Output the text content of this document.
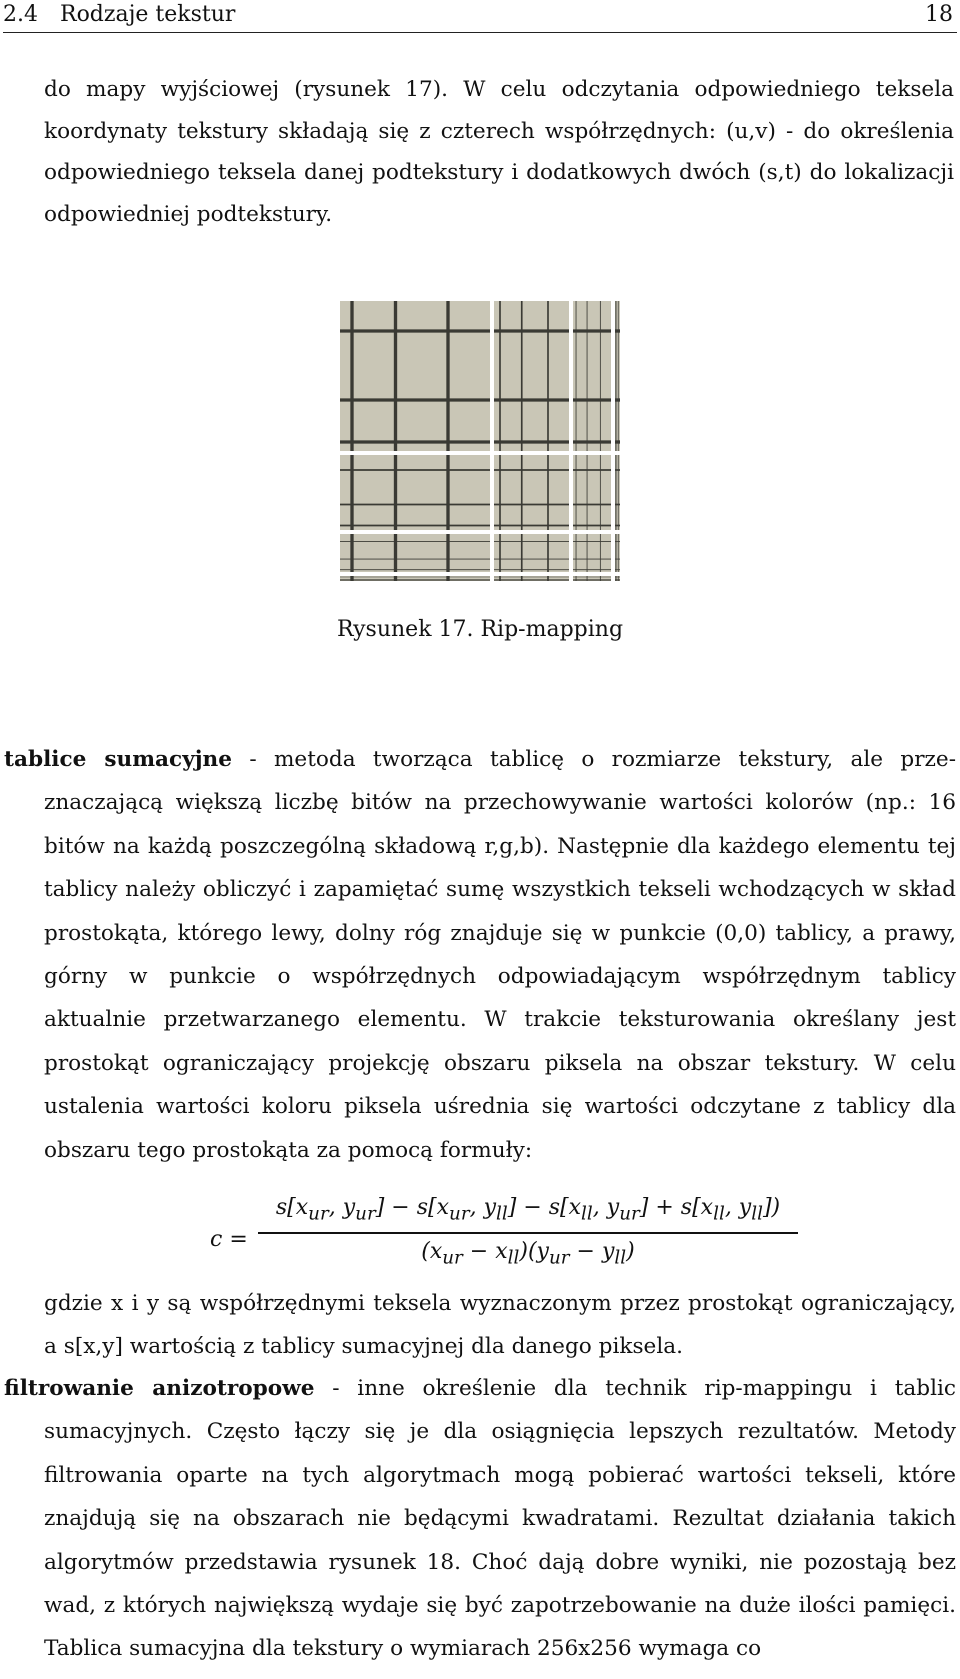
2.4 Rodzaje tekstur	18
do mapy wyjściowej (rysunek 17). W celu odczytania odpowiedniego teksela koordynaty tekstury składają się z czterech współrzędnych: (u,v) - do określenia odpowiedniego teksela danej podtekstury i dodatkowych dwóch (s,t) do lokalizacji odpowiedniej podtekstury.
Rysunek 17. Rip-mapping
tablice sumacyjne - metoda tworząca tablicę o rozmiarze tekstury, ale prze-
znaczającą większą liczbę bitów na przechowywanie wartości kolorów (np.: 16 bitów na każdą poszczególną składową r,g,b). Następnie dla każdego elementu tej tablicy należy obliczyć i zapamiętać sumę wszystkich tekseli wchodzących w skład prostokąta, którego lewy, dolny róg znajduje się w punkcie (0,0) tablicy, a prawy, górny w punkcie o współrzędnych odpowiadającym współrzędnym tablicy aktualnie przetwarzanego elementu. W trakcie teksturowania określany jest prostokąt ograniczający projekcję obszaru piksela na obszar tekstury. W celu ustalenia wartości koloru piksela uśrednia się wartości odczytane z tablicy dla obszaru tego prostokąta za pomocą formuły:
c =
$s[x_{ur}$, $y_{ur}] - s[x_{ur}$, $y_{ll}] - s[x_{ll}$, $y_{ur}] + s[x_{ll}$, $y_{ll}$])
$(x_{ur} - x_{ll})(y_{ur} - y_{ll})$
gdzie x i y są współrzędnymi teksela wyznaczonym przez prostokąt ograniczający, a s[x,y] wartością z tablicy sumacyjnej dla danego piksela.
filtrowanie anizotropowe - inne określenie dla technik rip-mappingu i tablic
sumacyjnych. Często łączy się je dla osiągnięcia lepszych rezultatów. Metody filtrowania oparte na tych algorytmach mogą pobierać wartości tekseli, które znajdują się na obszarach nie będącymi kwadratami. Rezultat działania takich algorytmów przedstawia rysunek 18. Choć dają dobre wyniki, nie pozostają bez wad, z których największą wydaje się być zapotrzebowanie na duże ilości pamięci. Tablica sumacyjna dla tekstury o wymiarach 256x256 wymaga co
